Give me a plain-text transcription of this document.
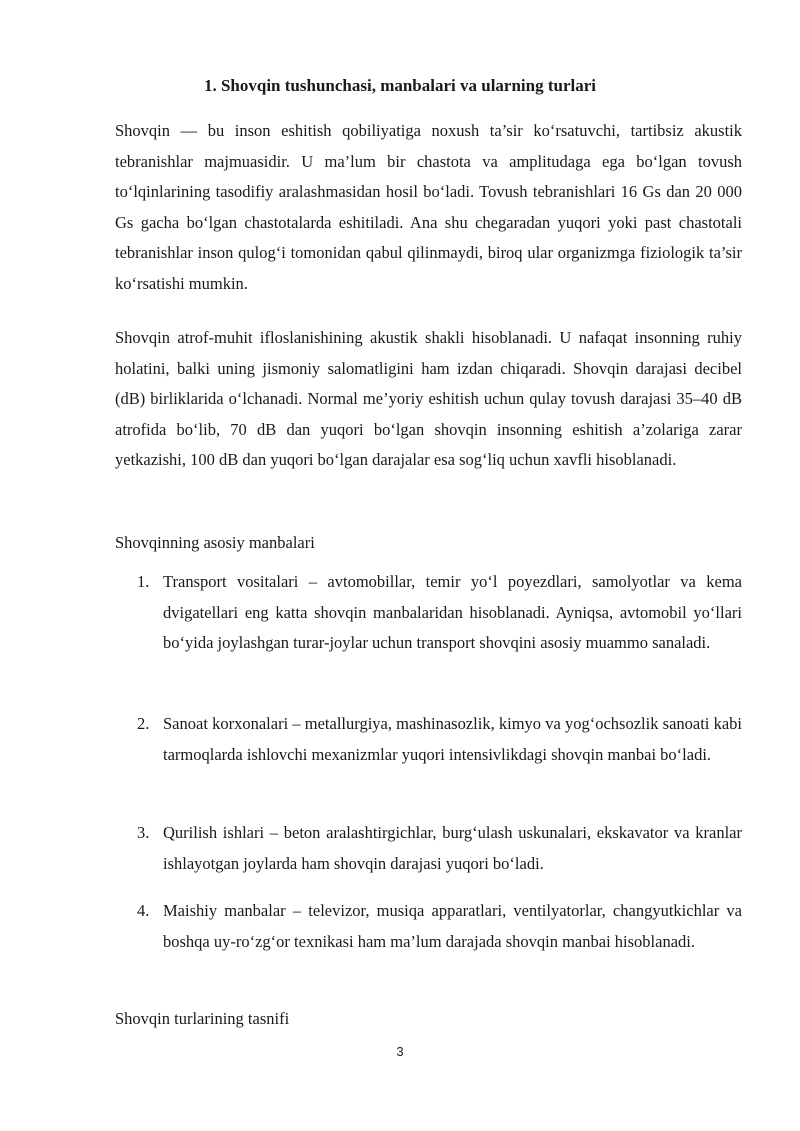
1. Shovqin tushunchasi, manbalari va ularning turlari

Shovqin — bu inson eshitish qobiliyatiga noxush ta’sir ko‘rsatuvchi, tartibsiz akustik tebranishlar majmuasidir. U ma’lum bir chastota va amplitudaga ega bo‘lgan tovush to‘lqinlarining tasodifiy aralashmasidan hosil bo‘ladi. Tovush tebranishlari 16 Gs dan 20 000 Gs gacha bo‘lgan chastotalarda eshitiladi. Ana shu chegaradan yuqori yoki past chastotali tebranishlar inson qulog‘i tomonidan qabul qilinmaydi, biroq ular organizmga fiziologik ta’sir ko‘rsatishi mumkin.

Shovqin atrof-muhit ifloslanishining akustik shakli hisoblanadi. U nafaqat insonning ruhiy holatini, balki uning jismoniy salomatligini ham izdan chiqaradi. Shovqin darajasi decibel (dB) birliklarida o‘lchanadi. Normal me’yoriy eshitish uchun qulay tovush darajasi 35–40 dB atrofida bo‘lib, 70 dB dan yuqori bo‘lgan shovqin insonning eshitish a’zolariga zarar yetkazishi, 100 dB dan yuqori bo‘lgan darajalar esa sog‘liq uchun xavfli hisoblanadi.

Shovqinning asosiy manbalari

1. Transport vositalari – avtomobillar, temir yo‘l poyezdlari, samolyotlar va kema dvigatellari eng katta shovqin manbalaridan hisoblanadi. Ayniqsa, avtomobil yo‘llari bo‘yida joylashgan turar-joylar uchun transport shovqini asosiy muammo sanaladi.
2. Sanoat korxonalari – metallurgiya, mashinasozlik, kimyo va yog‘ochsozlik sanoati kabi tarmoqlarda ishlovchi mexanizmlar yuqori intensivlikdagi shovqin manbai bo‘ladi.
3. Qurilish ishlari – beton aralashtirgichlar, burg‘ulash uskunalari, ekskavator va kranlar ishlayotgan joylarda ham shovqin darajasi yuqori bo‘ladi.
4. Maishiy manbalar – televizor, musiqa apparatlari, ventilyatorlar, changyutkichlar va boshqa uy-ro‘zg‘or texnikasi ham ma’lum darajada shovqin manbai hisoblanadi.

Shovqin turlarining tasnifi

3
